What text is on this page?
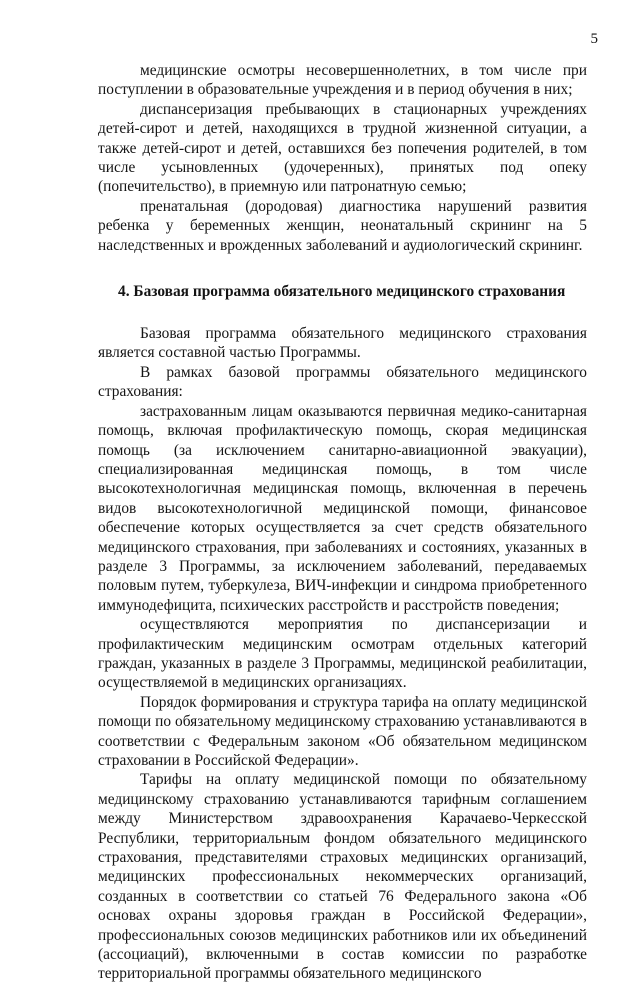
5

медицинские осмотры несовершеннолетних, в том числе при поступлении в образовательные учреждения и в период обучения в них;

диспансеризация пребывающих в стационарных учреждениях детей-сирот и детей, находящихся в трудной жизненной ситуации, а также детей-сирот и детей, оставшихся без попечения родителей, в том числе усыновленных (удочеренных), принятых под опеку (попечительство), в приемную или патронатную семью;

пренатальная (дородовая) диагностика нарушений развития ребенка у беременных женщин, неонатальный скрининг на 5 наследственных и врожденных заболеваний и аудиологический скрининг.

4. Базовая программа обязательного медицинского страхования

Базовая программа обязательного медицинского страхования является составной частью Программы.

В рамках базовой программы обязательного медицинского страхования:

застрахованным лицам оказываются первичная медико-санитарная помощь, включая профилактическую помощь, скорая медицинская помощь (за исключением санитарно-авиационной эвакуации), специализированная медицинская помощь, в том числе высокотехнологичная медицинская помощь, включенная в перечень видов высокотехнологичной медицинской помощи, финансовое обеспечение которых осуществляется за счет средств обязательного медицинского страхования, при заболеваниях и состояниях, указанных в разделе 3 Программы, за исключением заболеваний, передаваемых половым путем, туберкулеза, ВИЧ-инфекции и синдрома приобретенного иммунодефицита, психических расстройств и расстройств поведения;

осуществляются мероприятия по диспансеризации и профилактическим медицинским осмотрам отдельных категорий граждан, указанных в разделе 3 Программы, медицинской реабилитации, осуществляемой в медицинских организациях.

Порядок формирования и структура тарифа на оплату медицинской помощи по обязательному медицинскому страхованию устанавливаются в соответствии с Федеральным законом «Об обязательном медицинском страховании в Российской Федерации».

Тарифы на оплату медицинской помощи по обязательному медицинскому страхованию устанавливаются тарифным соглашением между Министерством здравоохранения Карачаево-Черкесской Республики, территориальным фондом обязательного медицинского страхования, представителями страховых медицинских организаций, медицинских профессиональных некоммерческих организаций, созданных в соответствии со статьей 76 Федерального закона «Об основах охраны здоровья граждан в Российской Федерации», профессиональных союзов медицинских работников или их объединений (ассоциаций), включенными в состав комиссии по разработке территориальной программы обязательного медицинского
